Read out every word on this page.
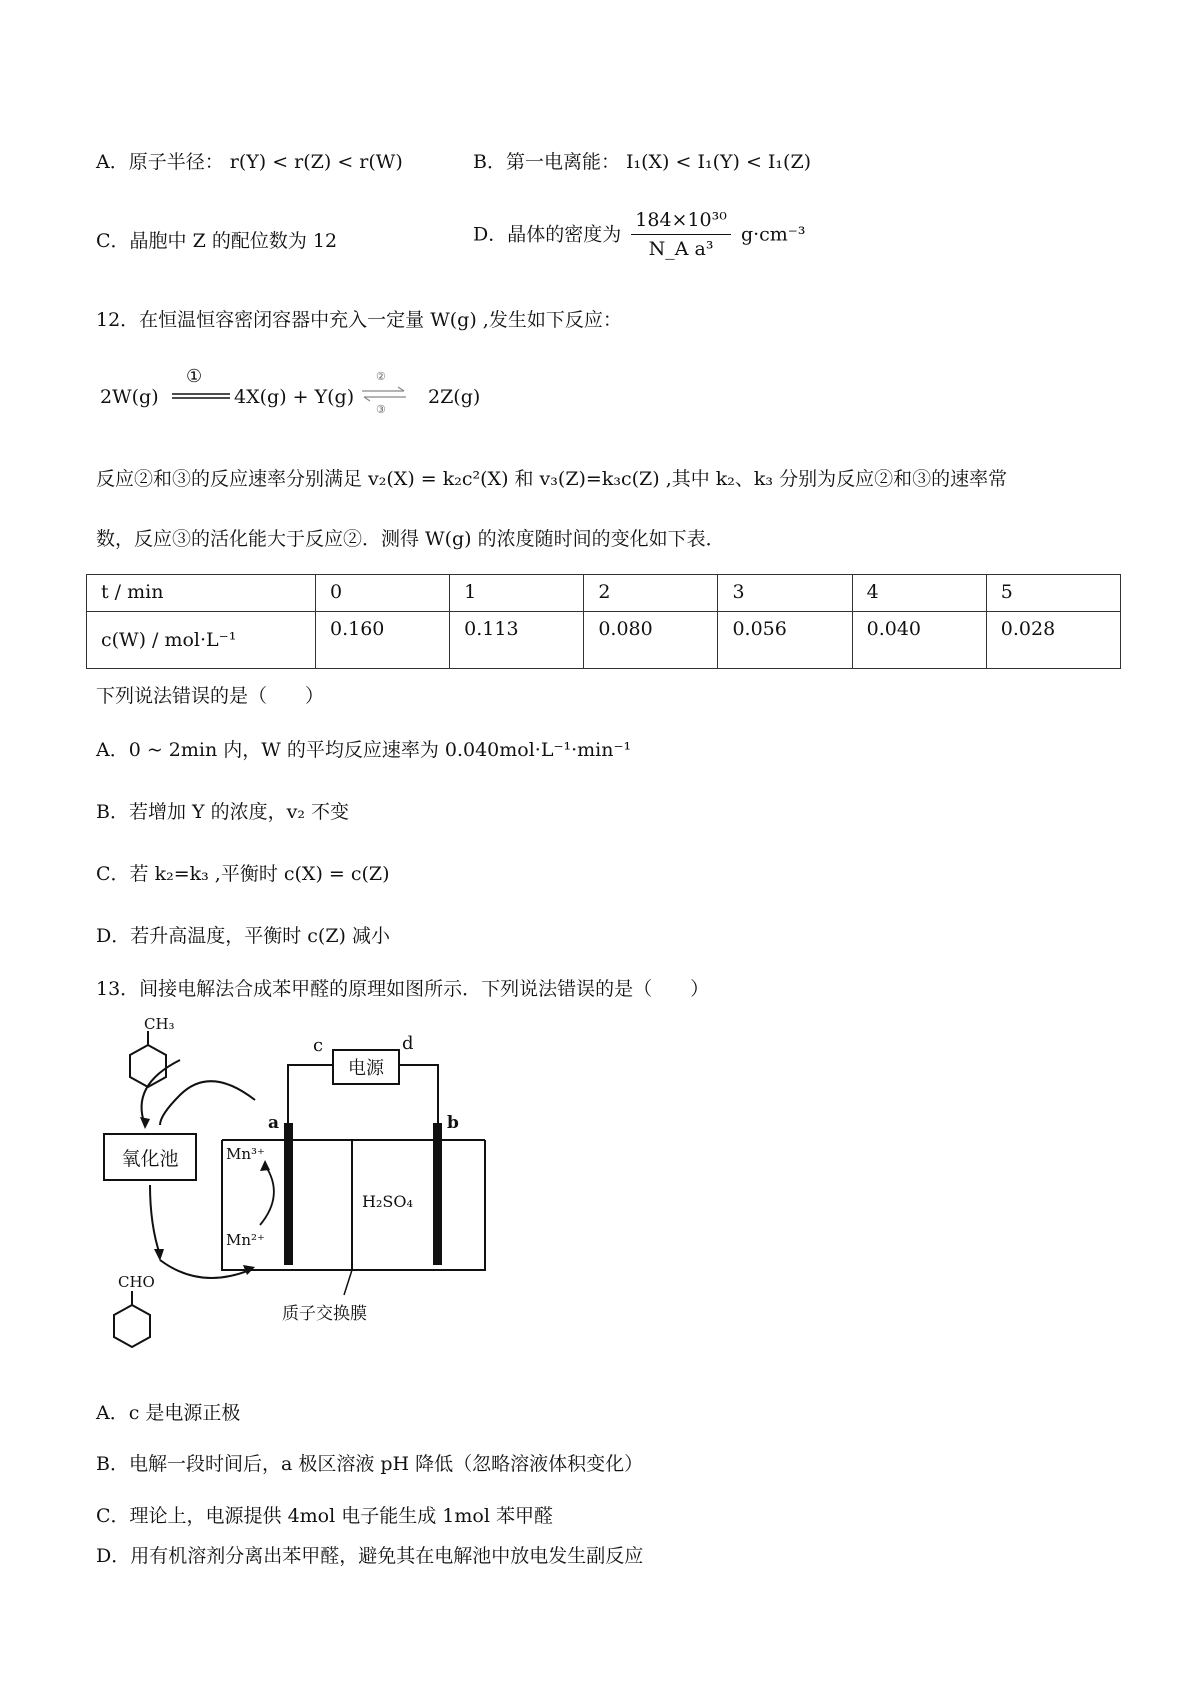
A．原子半径： r(Y) < r(Z) < r(W)	B．第一电离能： I₁(X) < I₁(Y) < I₁(Z)
C．晶胞中 Z 的配位数为 12	D．晶体的密度为 $\frac{\text{184×10³⁰}}{\text{N\_A a³}} g\cdot cm^{-3}$
12．在恒温恒容密闭容器中充入一定量 W(g) ,发生如下反应：
2W(g)
①
4X(g) + Y(g) ⇌
②
③
2Z(g)
反应②和③的反应速率分别满足 v₂(X) = k₂c²(X) 和 v₃(Z)=k₃c(Z) ,其中 k₂、k₃ 分别为反应②和③的速率常
数，反应③的活化能大于反应②．测得 W(g) 的浓度随时间的变化如下表．
t / min	0	1	2	3	4	5
c(W) / mol·L⁻¹	0.160	0.113	0.080	0.056	0.040	0.028
下列说法错误的是（　　）
A．0 ~ 2min 内，W 的平均反应速率为 0.040mol·L⁻¹·min⁻¹
B．若增加 Y 的浓度，v₂ 不变
C．若 k₂=k₃ ,平衡时 c(X) = c(Z)
D．若升高温度，平衡时 c(Z) 减小
13．间接电解法合成苯甲醛的原理如图所示．下列说法错误的是（　　）
CH₃
氧化池
CHO
电源
c	d
a	b
Mn³⁺
Mn²⁺
H₂SO₄
质子交换膜
A．c 是电源正极
B．电解一段时间后，a 极区溶液 pH 降低（忽略溶液体积变化）
C．理论上，电源提供 4mol 电子能生成 1mol 苯甲醛
D．用有机溶剂分离出苯甲醛，避免其在电解池中放电发生副反应
